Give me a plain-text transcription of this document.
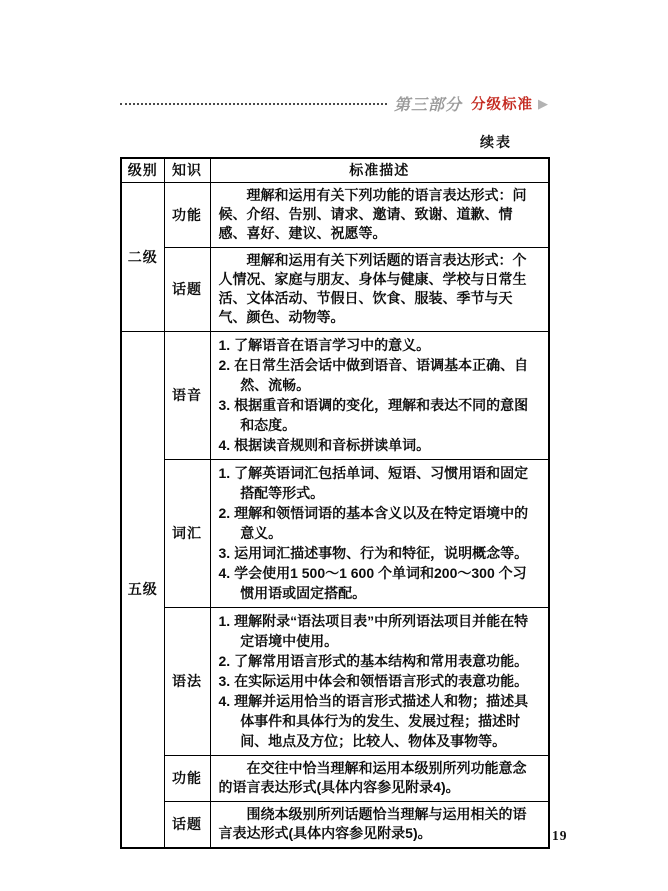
第三部分 分级标准 ▶
续表
级别	知识	标准描述
二级	功能	理解和运用有关下列功能的语言表达形式：问候、介绍、告别、请求、邀请、致谢、道歉、情感、喜好、建议、祝愿等。

	话题	理解和运用有关下列话题的语言表达形式：个人情况、家庭与朋友、身体与健康、学校与日常生活、文体活动、节假日、饮食、服装、季节与天气、颜色、动物等。

五级	语音	1. 了解语音在语言学习中的意义。
2. 在日常生活会话中做到语音、语调基本正确、自然、流畅。
3. 根据重音和语调的变化，理解和表达不同的意图和态度。
4. 根据读音规则和音标拼读单词。

	词汇	1. 了解英语词汇包括单词、短语、习惯用语和固定搭配等形式。
2. 理解和领悟词语的基本含义以及在特定语境中的意义。
3. 运用词汇描述事物、行为和特征，说明概念等。
4. 学会使用1 500～1 600 个单词和200～300 个习惯用语或固定搭配。

	语法	1. 理解附录“语法项目表”中所列语法项目并能在特定语境中使用。
2. 了解常用语言形式的基本结构和常用表意功能。
3. 在实际运用中体会和领悟语言形式的表意功能。
4. 理解并运用恰当的语言形式描述人和物；描述具体事件和具体行为的发生、发展过程；描述时间、地点及方位；比较人、物体及事物等。

	功能	在交往中恰当理解和运用本级别所列功能意念的语言表达形式(具体内容参见附录4)。

	话题	围绕本级别所列话题恰当理解与运用相关的语言表达形式(具体内容参见附录5)。	19
